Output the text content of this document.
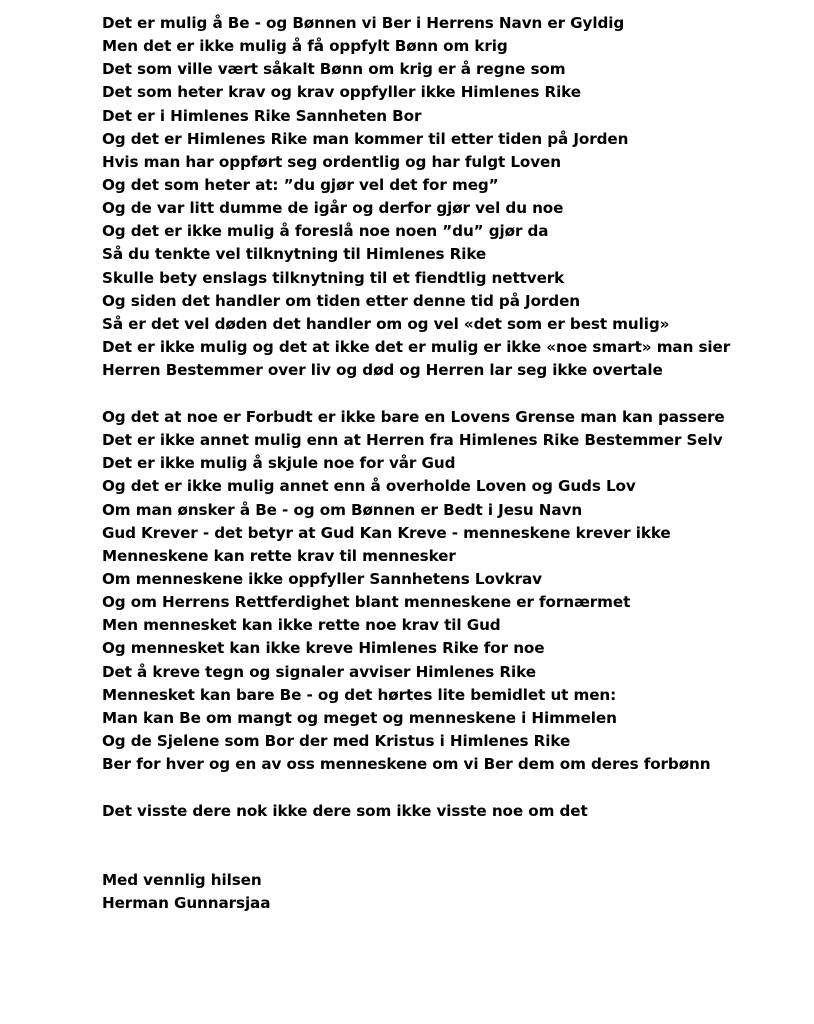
Det er mulig å Be - og Bønnen vi Ber i Herrens Navn er Gyldig
Men det er ikke mulig å få oppfylt Bønn om krig
Det som ville vært såkalt Bønn om krig er å regne som
Det som heter krav og krav oppfyller ikke Himlenes Rike
Det er i Himlenes Rike Sannheten Bor
Og det er Himlenes Rike man kommer til etter tiden på Jorden
Hvis man har oppført seg ordentlig og har fulgt Loven
Og det som heter at: ”du gjør vel det for meg”
Og de var litt dumme de igår og derfor gjør vel du noe
Og det er ikke mulig å foreslå noe noen ”du” gjør da
Så du tenkte vel tilknytning til Himlenes Rike
Skulle bety enslags tilknytning til et fiendtlig nettverk
Og siden det handler om tiden etter denne tid på Jorden
Så er det vel døden det handler om og vel «det som er best mulig»
Det er ikke mulig og det at ikke det er mulig er ikke «noe smart» man sier
Herren Bestemmer over liv og død og Herren lar seg ikke overtale
Og det at noe er Forbudt er ikke bare en Lovens Grense man kan passere
Det er ikke annet mulig enn at Herren fra Himlenes Rike Bestemmer Selv
Det er ikke mulig å skjule noe for vår Gud
Og det er ikke mulig annet enn å overholde Loven og Guds Lov
Om man ønsker å Be - og om Bønnen er Bedt i Jesu Navn
Gud Krever - det betyr at Gud Kan Kreve - menneskene krever ikke
Menneskene kan rette krav til mennesker
Om menneskene ikke oppfyller Sannhetens Lovkrav
Og om Herrens Rettferdighet blant menneskene er fornærmet
Men mennesket kan ikke rette noe krav til Gud
Og mennesket kan ikke kreve Himlenes Rike for noe
Det å kreve tegn og signaler avviser Himlenes Rike
Mennesket kan bare Be - og det hørtes lite bemidlet ut men:
Man kan Be om mangt og meget og menneskene i Himmelen
Og de Sjelene som Bor der med Kristus i Himlenes Rike
Ber for hver og en av oss menneskene om vi Ber dem om deres forbønn
Det visste dere nok ikke dere som ikke visste noe om det
Med vennlig hilsen
Herman Gunnarsjaa
